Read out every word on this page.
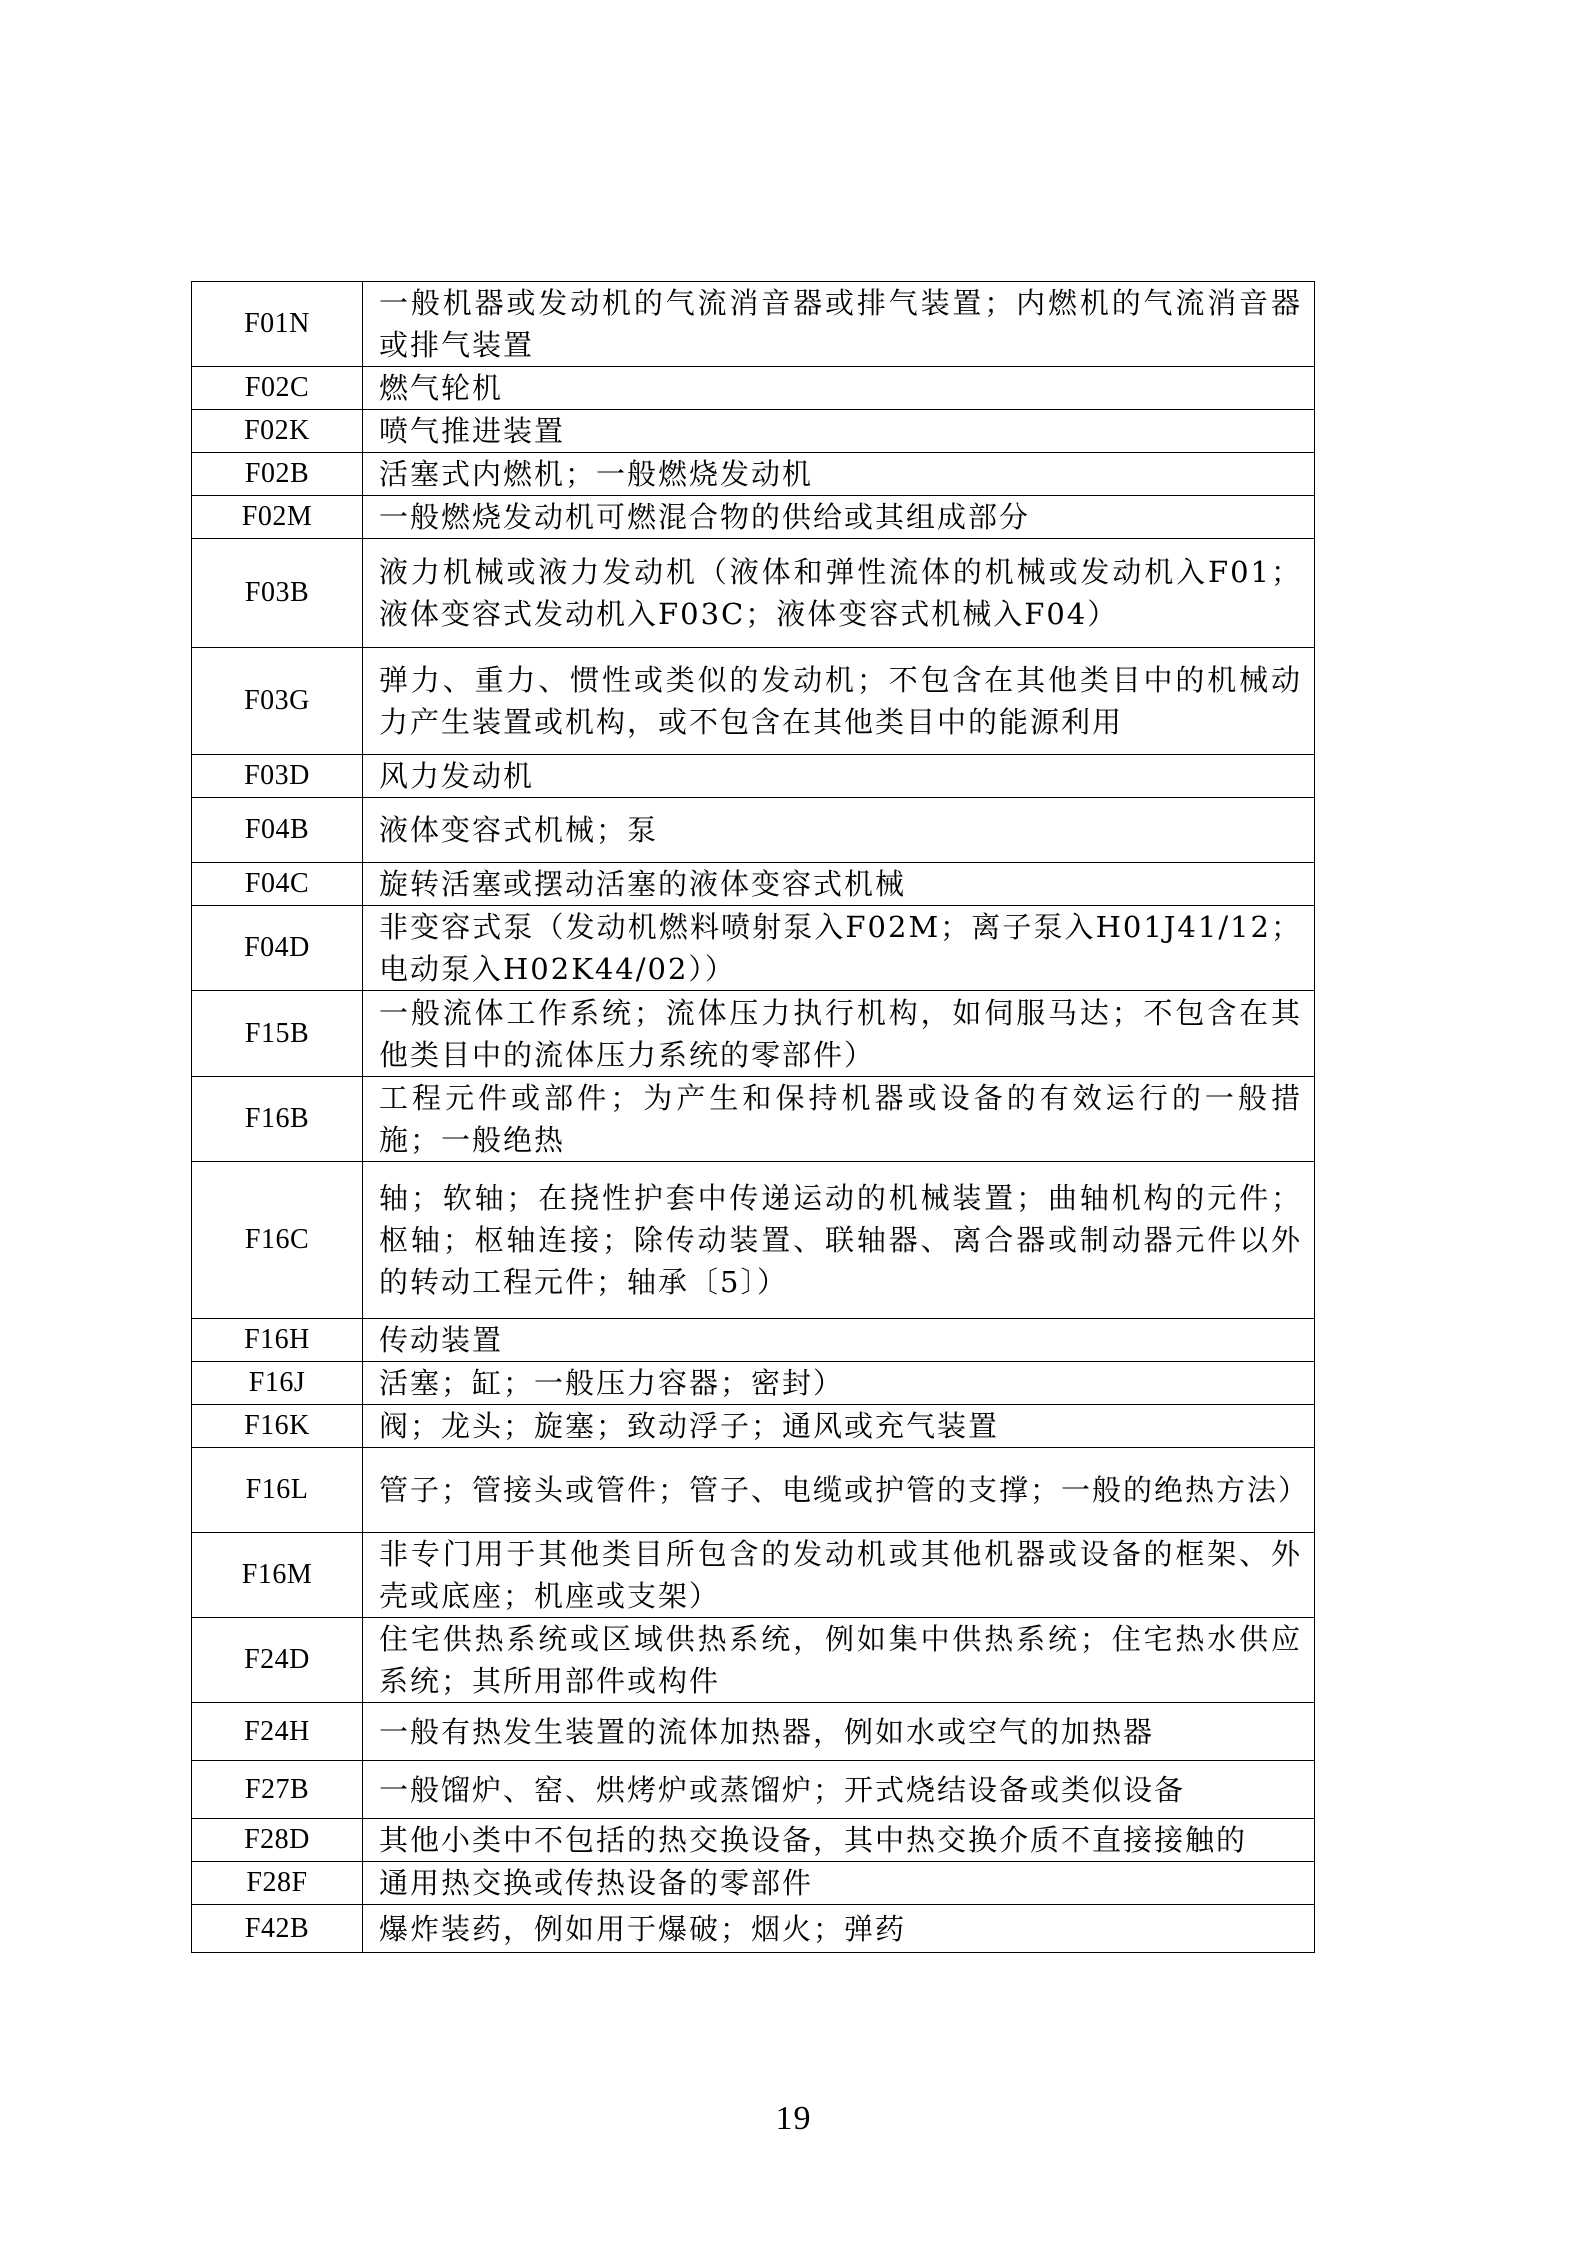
F01N	一般机器或发动机的气流消音器或排气装置；内燃机的气流消音器或排气装置
F02C	燃气轮机
F02K	喷气推进装置
F02B	活塞式内燃机；一般燃烧发动机
F02M	一般燃烧发动机可燃混合物的供给或其组成部分
F03B	液力机械或液力发动机（液体和弹性流体的机械或发动机入F01；液体变容式发动机入F03C；液体变容式机械入F04）
F03G	弹力、重力、惯性或类似的发动机；不包含在其他类目中的机械动力产生装置或机构，或不包含在其他类目中的能源利用
F03D	风力发动机
F04B	液体变容式机械；泵
F04C	旋转活塞或摆动活塞的液体变容式机械
F04D	非变容式泵（发动机燃料喷射泵入F02M；离子泵入H01J41/12；电动泵入H02K44/02））
F15B	一般流体工作系统；流体压力执行机构，如伺服马达；不包含在其他类目中的流体压力系统的零部件）
F16B	工程元件或部件；为产生和保持机器或设备的有效运行的一般措施；一般绝热
F16C	轴；软轴；在挠性护套中传递运动的机械装置；曲轴机构的元件；枢轴；枢轴连接；除传动装置、联轴器、离合器或制动器元件以外的转动工程元件；轴承〔5〕）
F16H	传动装置
F16J	活塞；缸；一般压力容器；密封）
F16K	阀；龙头；旋塞；致动浮子；通风或充气装置
F16L	管子；管接头或管件；管子、电缆或护管的支撑；一般的绝热方法）
F16M	非专门用于其他类目所包含的发动机或其他机器或设备的框架、外壳或底座；机座或支架）
F24D	住宅供热系统或区域供热系统，例如集中供热系统；住宅热水供应系统；其所用部件或构件
F24H	一般有热发生装置的流体加热器，例如水或空气的加热器
F27B	一般馏炉、窑、烘烤炉或蒸馏炉；开式烧结设备或类似设备
F28D	其他小类中不包括的热交换设备，其中热交换介质不直接接触的
F28F	通用热交换或传热设备的零部件
F42B	爆炸装药，例如用于爆破；烟火；弹药
19
